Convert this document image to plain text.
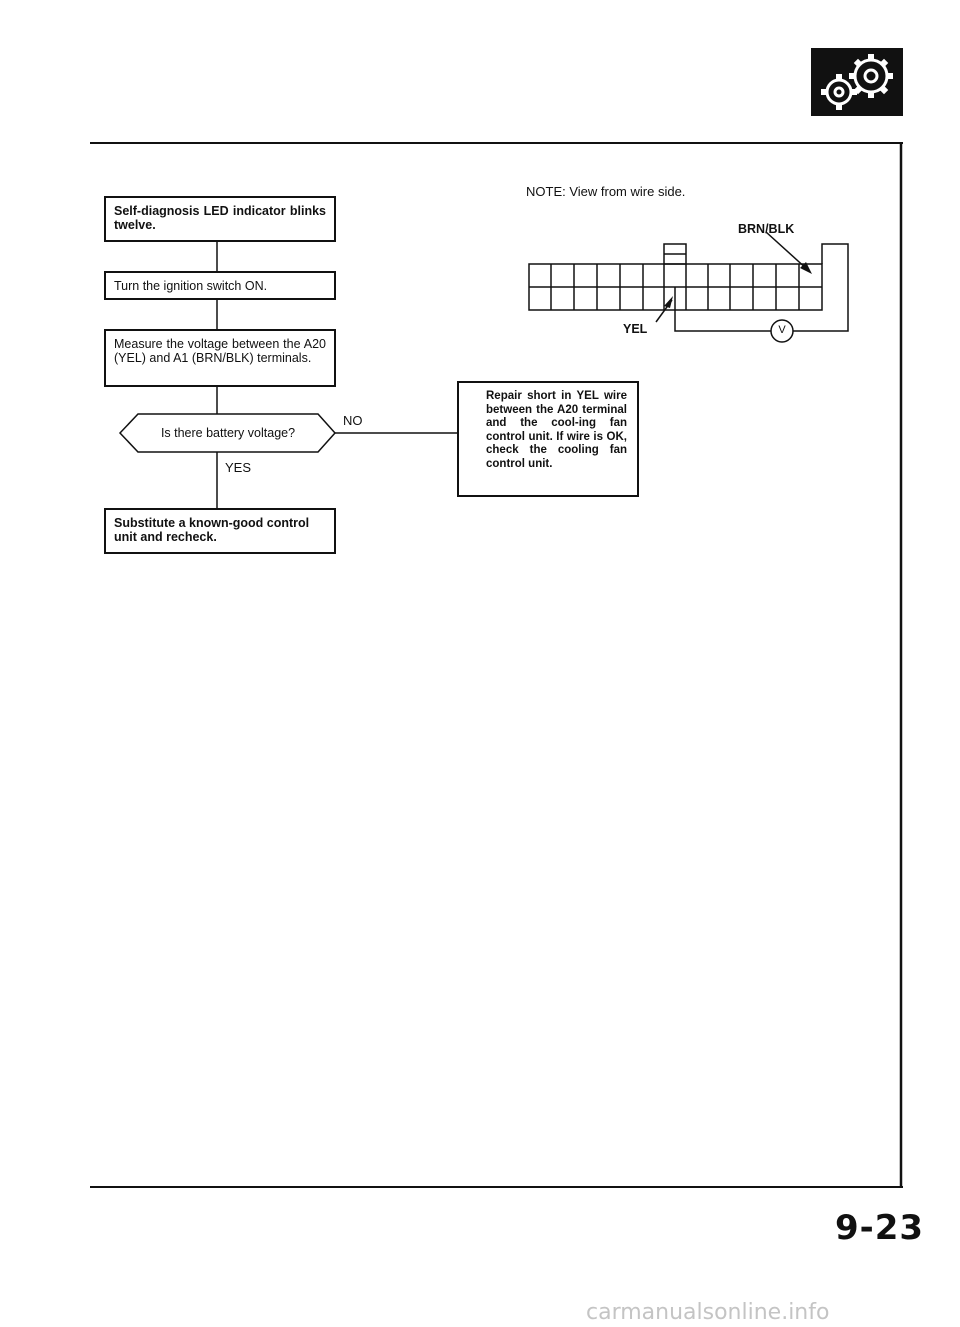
Self-diagnosis LED indicator blinks twelve.
Turn the ignition switch ON.
Measure the voltage between the A20 (YEL) and A1 (BRN/BLK) terminals.
Is there battery voltage?
NO
YES
Substitute a known-good control unit and recheck.
Repair short in YEL wire between the A20 terminal and the cool-ing fan control unit. If wire is OK, check the cooling fan control unit.
NOTE: View from wire side.
BRN/BLK
YEL	V
9-23
carmanualsonline.info
